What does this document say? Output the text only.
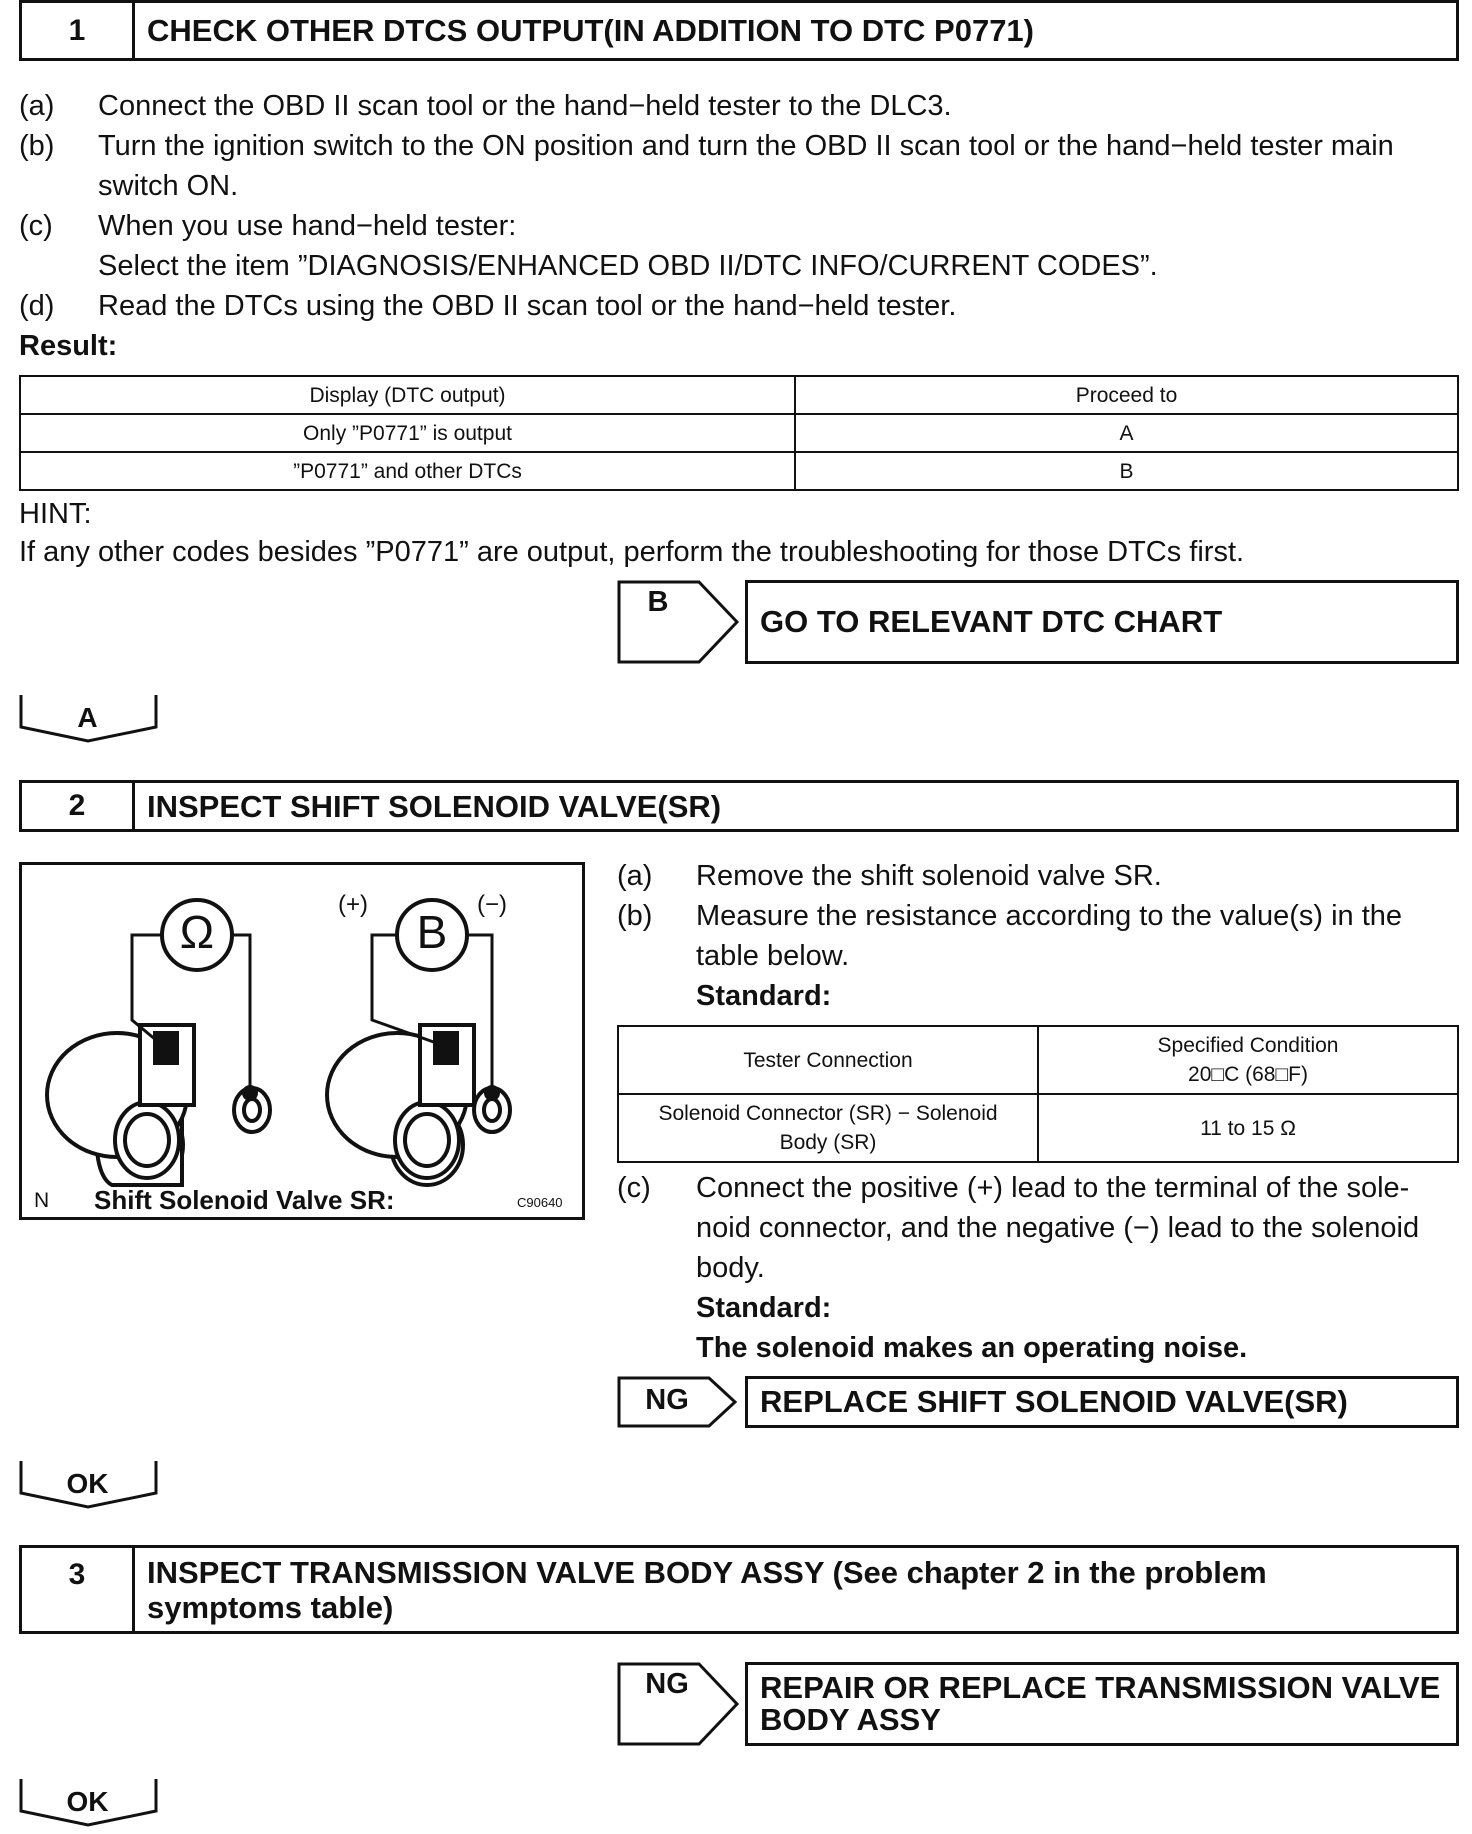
1	CHECK OTHER DTCS OUTPUT(IN ADDITION TO DTC P0771)
(a) Connect the OBD II scan tool or the hand−held tester to the DLC3.
(b) Turn the ignition switch to the ON position and turn the OBD II scan tool or the hand−held tester main
switch ON.
(c) When you use hand−held tester:
Select the item ”DIAGNOSIS/ENHANCED OBD II/DTC INFO/CURRENT CODES”.
(d) Read the DTCs using the OBD II scan tool or the hand−held tester.
Result:
Display (DTC output)	Proceed to
Only ”P0771” is output	A
”P0771” and other DTCs	B
HINT:
If any other codes besides ”P0771” are output, perform the troubleshooting for those DTCs first.
B
GO TO RELEVANT DTC CHART
A
2	INSPECT SHIFT SOLENOID VALVE(SR)
Ω	B
(+)	(−)
N Shift Solenoid Valve SR:	C90640
(a) Remove the shift solenoid valve SR.
(b) Measure the resistance according to the value(s) in the
table below.
Standard:
Tester Connection	Specified Condition
20□C (68□F)

Solenoid Connector (SR) − Solenoid
Body (SR)	11 to 15 Ω
(c) Connect the positive (+) lead to the terminal of the sole-
noid connector, and the negative (−) lead to the solenoid
body.
Standard:
The solenoid makes an operating noise.
NG	REPLACE SHIFT SOLENOID VALVE(SR)
OK
3	INSPECT TRANSMISSION VALVE BODY ASSY (See chapter 2 in the problem
symptoms table)
NG	REPAIR OR REPLACE TRANSMISSION VALVE
BODY ASSY
OK
